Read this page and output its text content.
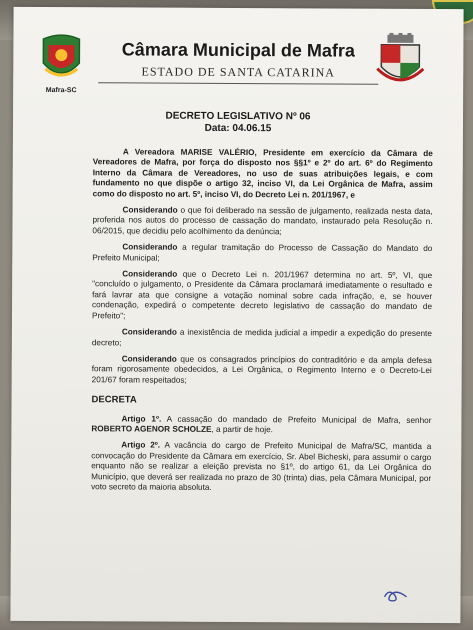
Mafra-SC
Câmara Municipal de Mafra
ESTADO DE SANTA CATARINA
DECRETO LEGISLATIVO Nº 06
Data: 04.06.15

A Vereadora MARISE VALÉRIO, Presidente em exercício da Câmara de Vereadores de Mafra, por força do disposto nos §§1º e 2º do art. 6º do Regimento Interno da Câmara de Vereadores, no uso de suas atribuições legais, e com fundamento no que dispõe o artigo 32, inciso VI, da Lei Orgânica de Mafra, assim como do disposto no art. 5º, inciso VI, do Decreto Lei n. 201/1967, e

Considerando o que foi deliberado na sessão de julgamento, realizada nesta data, proferida nos autos do processo de cassação do mandato, instaurado pela Resolução n. 06/2015, que decidiu pelo acolhimento da denúncia;

Considerando a regular tramitação do Processo de Cassação do Mandato do Prefeito Municipal;

Considerando que o Decreto Lei n. 201/1967 determina no art. 5º, VI, que "concluído o julgamento, o Presidente da Câmara proclamará imediatamente o resultado e fará lavrar ata que consigne a votação nominal sobre cada infração, e, se houver condenação, expedirá o competente decreto legislativo de cassação do mandato de Prefeito";

Considerando a inexistência de medida judicial a impedir a expedição do presente decreto;

Considerando que os consagrados princípios do contraditório e da ampla defesa foram rigorosamente obedecidos, a Lei Orgânica, o Regimento Interno e o Decreto-Lei 201/67 foram respeitados;

DECRETA

Artigo 1º. A cassação do mandado de Prefeito Municipal de Mafra, senhor ROBERTO AGENOR SCHOLZE, a partir de hoje.

Artigo 2º. A vacância do cargo de Prefeito Municipal de Mafra/SC, mantida a convocação do Presidente da Câmara em exercício, Sr. Abel Bicheski, para assumir o cargo enquanto não se realizar a eleição prevista no §1º, do artigo 61, da Lei Orgânica do Município, que deverá ser realizada no prazo de 30 (trinta) dias, pela Câmara Municipal, por voto secreto da maioria absoluta.
